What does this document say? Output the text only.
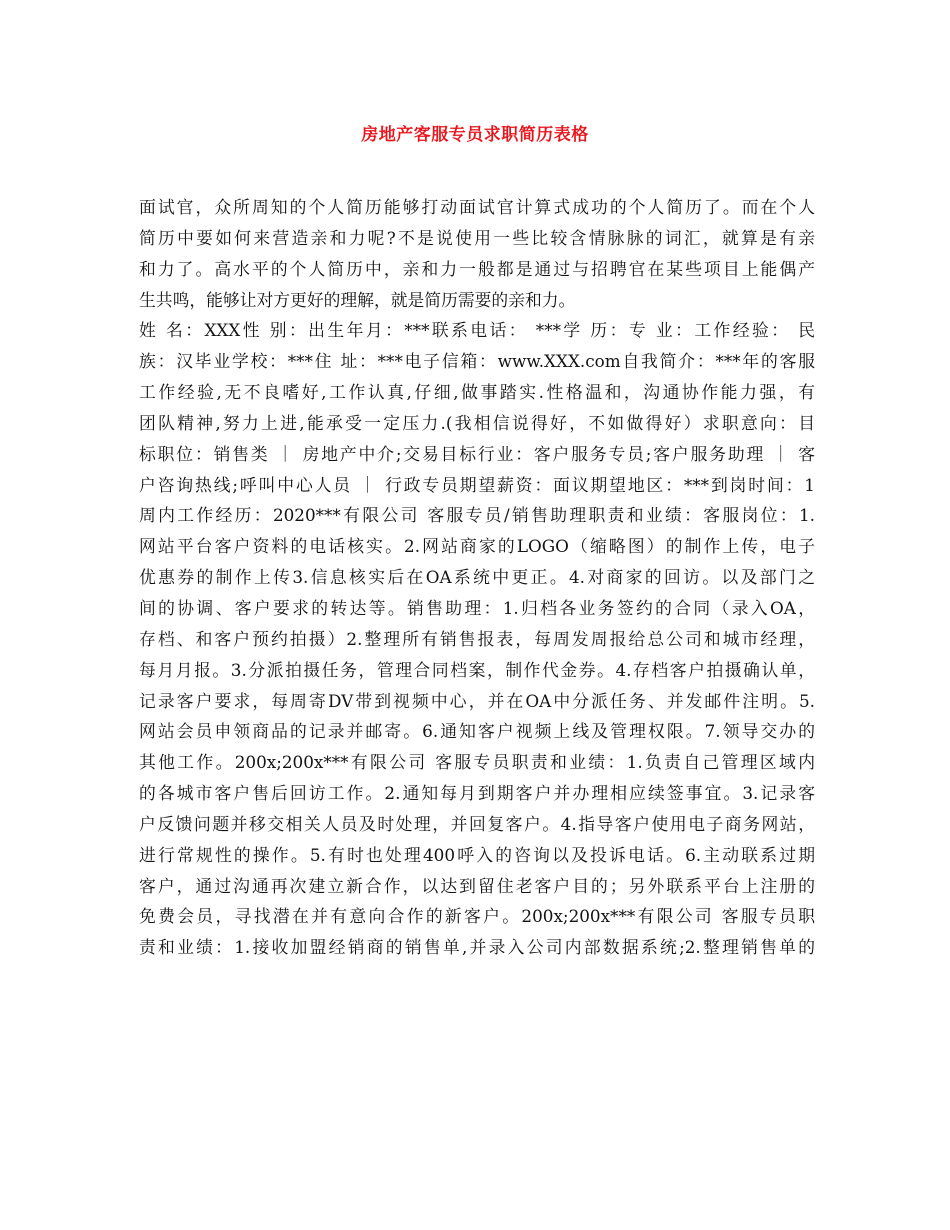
房地产客服专员求职简历表格
面试官，众所周知的个人简历能够打动面试官计算式成功的个人简历了。而在个人
简历中要如何来营造亲和力呢?不是说使用一些比较含情脉脉的词汇，就算是有亲
和力了。高水平的个人简历中，亲和力一般都是通过与招聘官在某些项目上能偶产
生共鸣，能够让对方更好的理解，就是简历需要的亲和力。
姓 名：XXX性 别：出生年月：***联系电话： ***学 历：专 业：工作经验： 民
族：汉毕业学校：***住 址：***电子信箱：www.XXX.com自我简介：***年的客服
工作经验,无不良嗜好,工作认真,仔细,做事踏实.性格温和，沟通协作能力强，有
团队精神,努力上进,能承受一定压力.(我相信说得好，不如做得好）求职意向：目
标职位：销售类 ｜ 房地产中介;交易目标行业：客户服务专员;客户服务助理 ｜ 客
户咨询热线;呼叫中心人员 ｜ 行政专员期望薪资：面议期望地区：***到岗时间：1
周内工作经历：2020***有限公司 客服专员/销售助理职责和业绩：客服岗位：1.
网站平台客户资料的电话核实。2.网站商家的LOGO（缩略图）的制作上传，电子
优惠券的制作上传3.信息核实后在OA系统中更正。4.对商家的回访。以及部门之
间的协调、客户要求的转达等。销售助理：1.归档各业务签约的合同（录入OA，
存档、和客户预约拍摄）2.整理所有销售报表，每周发周报给总公司和城市经理，
每月月报。3.分派拍摄任务，管理合同档案，制作代金券。4.存档客户拍摄确认单，
记录客户要求，每周寄DV带到视频中心，并在OA中分派任务、并发邮件注明。5.
网站会员申领商品的记录并邮寄。6.通知客户视频上线及管理权限。7.领导交办的
其他工作。200x;200x***有限公司 客服专员职责和业绩：1.负责自己管理区域内
的各城市客户售后回访工作。2.通知每月到期客户并办理相应续签事宜。3.记录客
户反馈问题并移交相关人员及时处理，并回复客户。4.指导客户使用电子商务网站，
进行常规性的操作。5.有时也处理400呼入的咨询以及投诉电话。6.主动联系过期
客户，通过沟通再次建立新合作，以达到留住老客户目的；另外联系平台上注册的
免费会员，寻找潜在并有意向合作的新客户。200x;200x***有限公司 客服专员职
责和业绩：1.接收加盟经销商的销售单,并录入公司内部数据系统;2.整理销售单的
